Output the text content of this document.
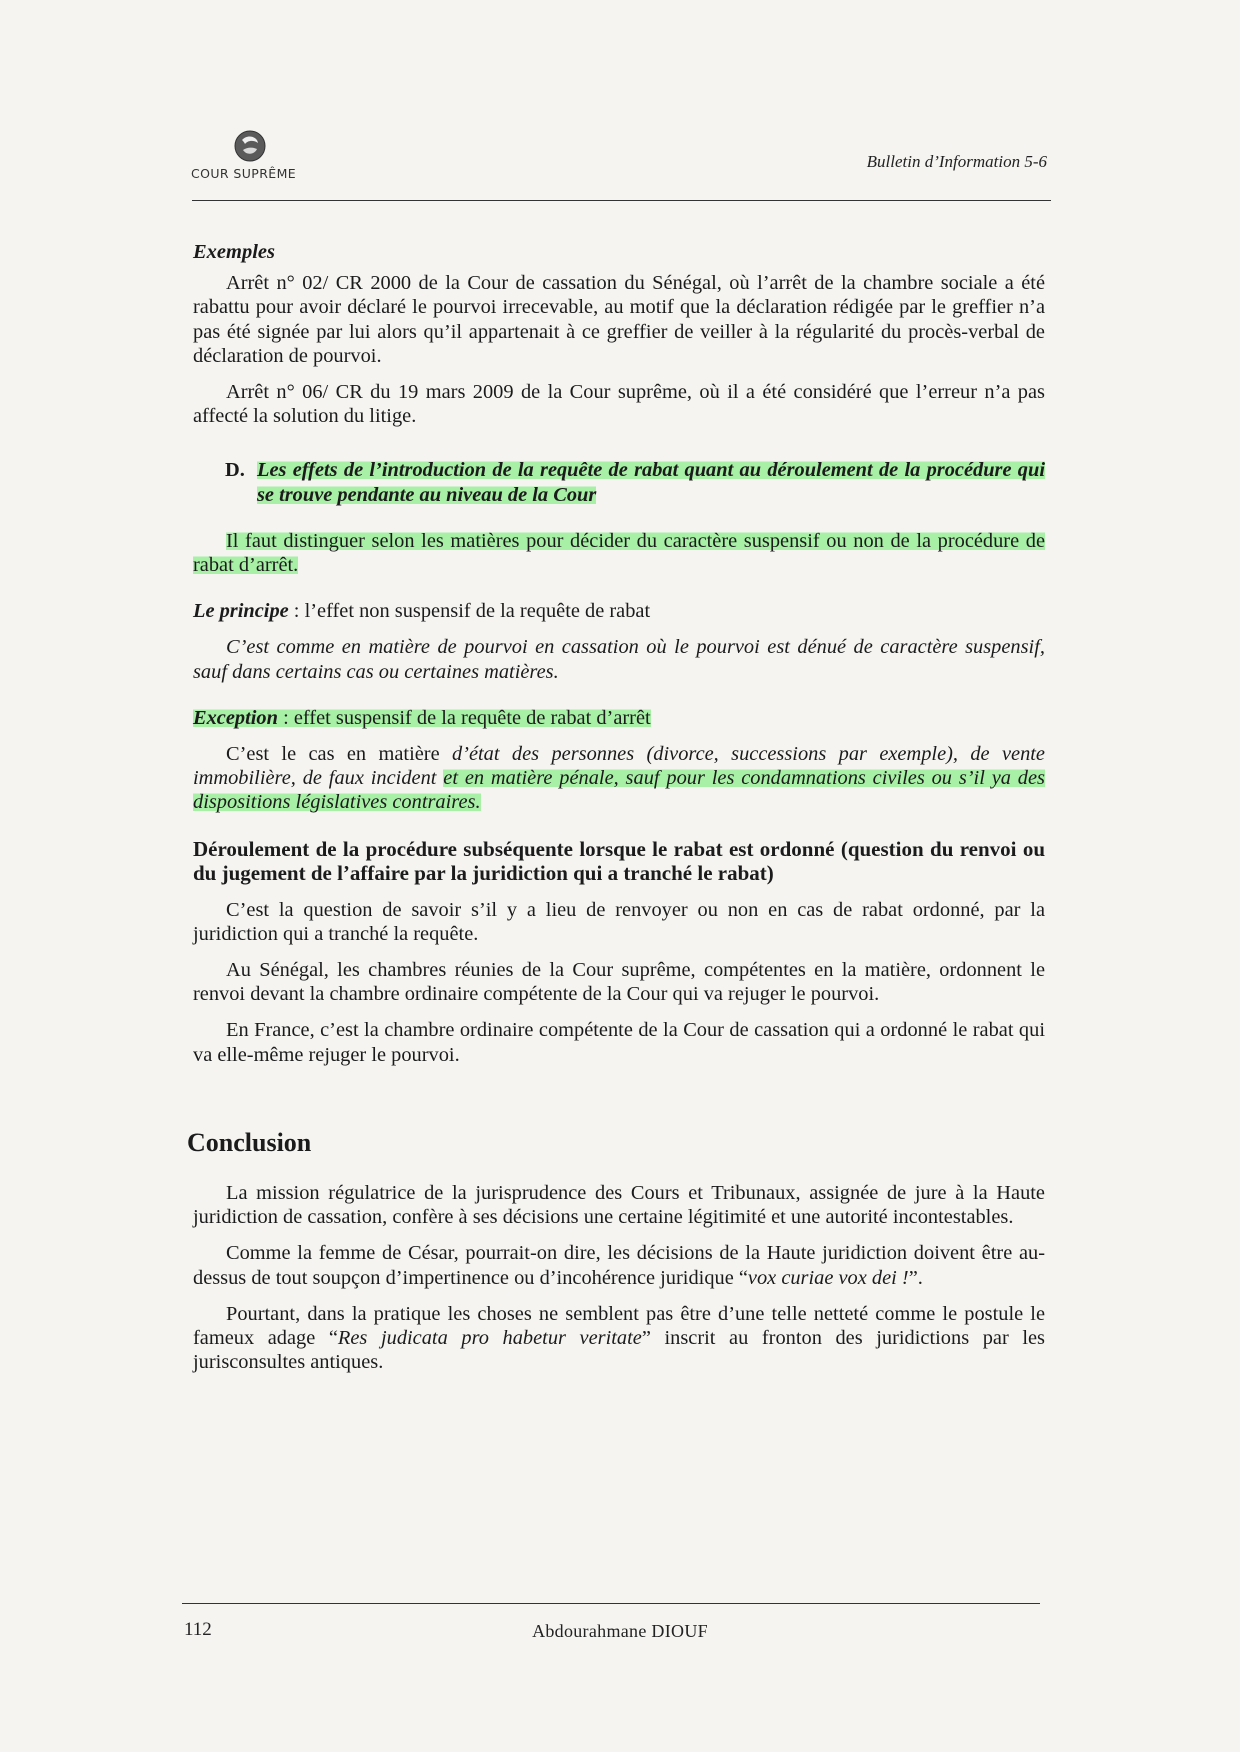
COUR SUPRÊME
Bulletin d’Information 5-6
Exemples

Arrêt n° 02/ CR 2000 de la Cour de cassation du Sénégal, où l’arrêt de la chambre sociale a été rabattu pour avoir déclaré le pourvoi irrecevable, au motif que la déclaration rédigée par le greffier n’a pas été signée par lui alors qu’il appartenait à ce greffier de veiller à la régularité du procès-verbal de déclaration de pourvoi.

Arrêt n° 06/ CR du 19 mars 2009 de la Cour suprême, où il a été considéré que l’erreur n’a pas affecté la solution du litige.

D. Les effets de l’introduction de la requête de rabat quant au déroulement de la procédure qui se trouve pendante au niveau de la Cour

Il faut distinguer selon les matières pour décider du caractère suspensif ou non de la procédure de rabat d’arrêt.

Le principe : l’effet non suspensif de la requête de rabat

C’est comme en matière de pourvoi en cassation où le pourvoi est dénué de caractère suspensif, sauf dans certains cas ou certaines matières.

Exception : effet suspensif de la requête de rabat d’arrêt

C’est le cas en matière d’état des personnes (divorce, successions par exemple), de vente immobilière, de faux incident et en matière pénale, sauf pour les condamnations civiles ou s’il ya des dispositions législatives contraires.

Déroulement de la procédure subséquente lorsque le rabat est ordonné (question du renvoi ou du jugement de l’affaire par la juridiction qui a tranché le rabat)

C’est la question de savoir s’il y a lieu de renvoyer ou non en cas de rabat ordonné, par la juridiction qui a tranché la requête.

Au Sénégal, les chambres réunies de la Cour suprême, compétentes en la matière, ordonnent le renvoi devant la chambre ordinaire compétente de la Cour qui va rejuger le pourvoi.

En France, c’est la chambre ordinaire compétente de la Cour de cassation qui a ordonné le rabat qui va elle-même rejuger le pourvoi.

Conclusion

La mission régulatrice de la jurisprudence des Cours et Tribunaux, assignée de jure à la Haute juridiction de cassation, confère à ses décisions une certaine légitimité et une autorité incontestables.

Comme la femme de César, pourrait-on dire, les décisions de la Haute juridiction doivent être au-dessus de tout soupçon d’impertinence ou d’incohérence juridique “vox curiae vox dei !”.

Pourtant, dans la pratique les choses ne semblent pas être d’une telle netteté comme le postule le fameux adage “Res judicata pro habetur veritate” inscrit au fronton des juridictions par les jurisconsultes antiques.

112	Abdourahmane DIOUF
